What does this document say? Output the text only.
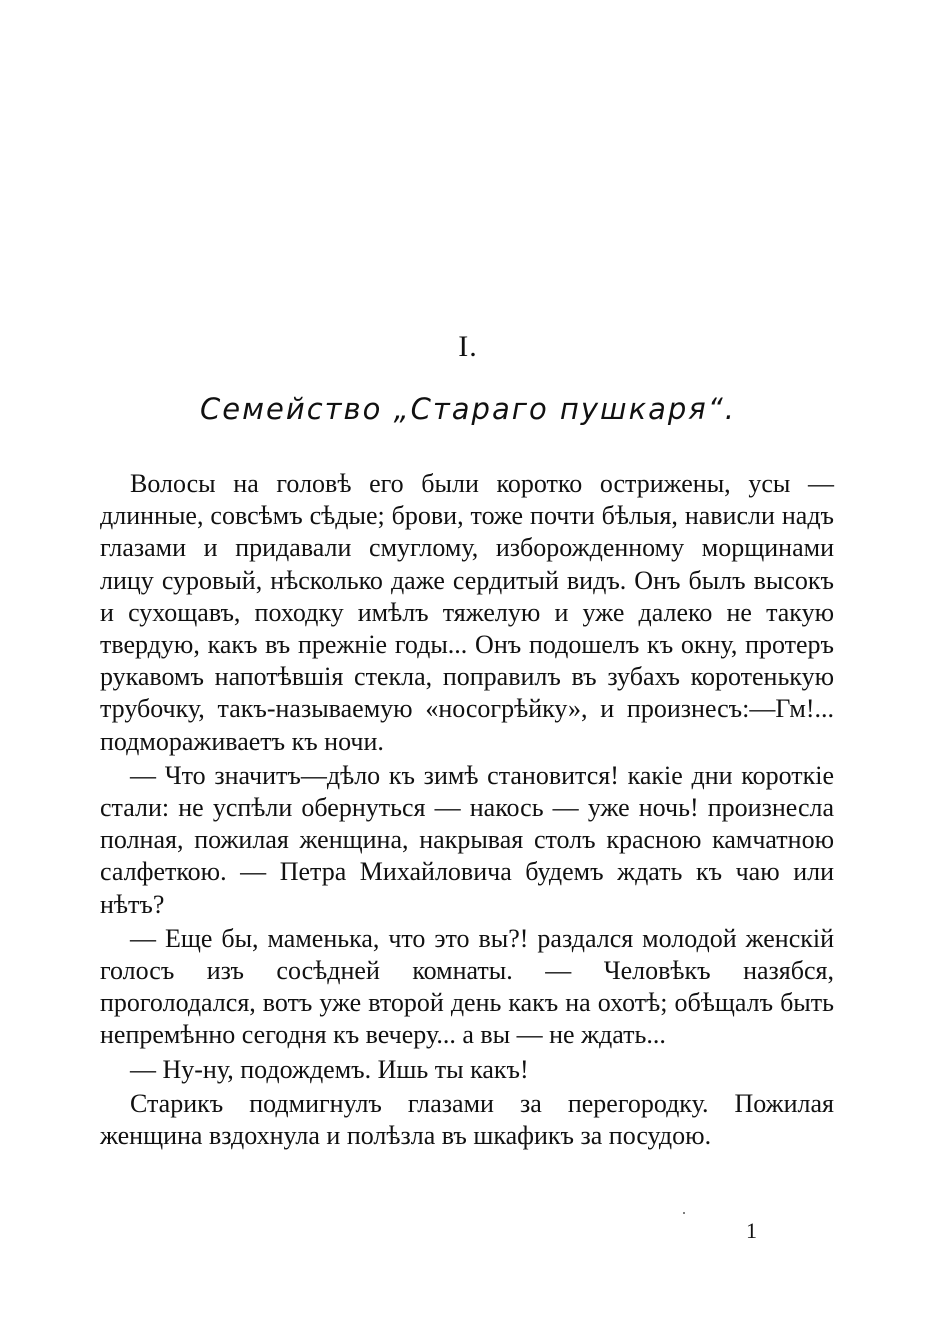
I.
Семейство „Стараго пушкаря“.

Волосы на головѣ его были коротко острижены, усы — длинные, совсѣмъ сѣдые; брови, тоже почти бѣлыя, нависли надъ глазами и придавали смуглому, изборожденному морщинами лицу суровый, нѣсколько даже сердитый видъ. Онъ былъ высокъ и сухощавъ, походку имѣлъ тяжелую и уже далеко не такую твердую, какъ въ прежніе годы... Онъ подошелъ къ окну, протеръ рукавомъ напотѣвшія стекла, поправилъ въ зубахъ коротенькую трубочку, такъ-называемую «носогрѣйку», и произнесъ:—Гм!... подмораживаетъ къ ночи.

— Что значитъ—дѣло къ зимѣ становится! какіе дни короткіе стали: не успѣли обернуться — накось — уже ночь! произнесла полная, пожилая женщина, накрывая столъ красною камчатною салфеткою. — Петра Михайловича будемъ ждать къ чаю или нѣтъ?

— Еще бы, маменька, что это вы?! раздался молодой женскій голосъ изъ сосѣдней комнаты. — Человѣкъ назябся, проголодался, вотъ уже второй день какъ на охотѣ; обѣщалъ быть непремѣнно сегодня къ вечеру... а вы — не ждать...

— Ну-ну, подождемъ. Ишь ты какъ!

Старикъ подмигнулъ глазами за перегородку. Пожилая женщина вздохнула и полѣзла въ шкафикъ за посудою.

1
